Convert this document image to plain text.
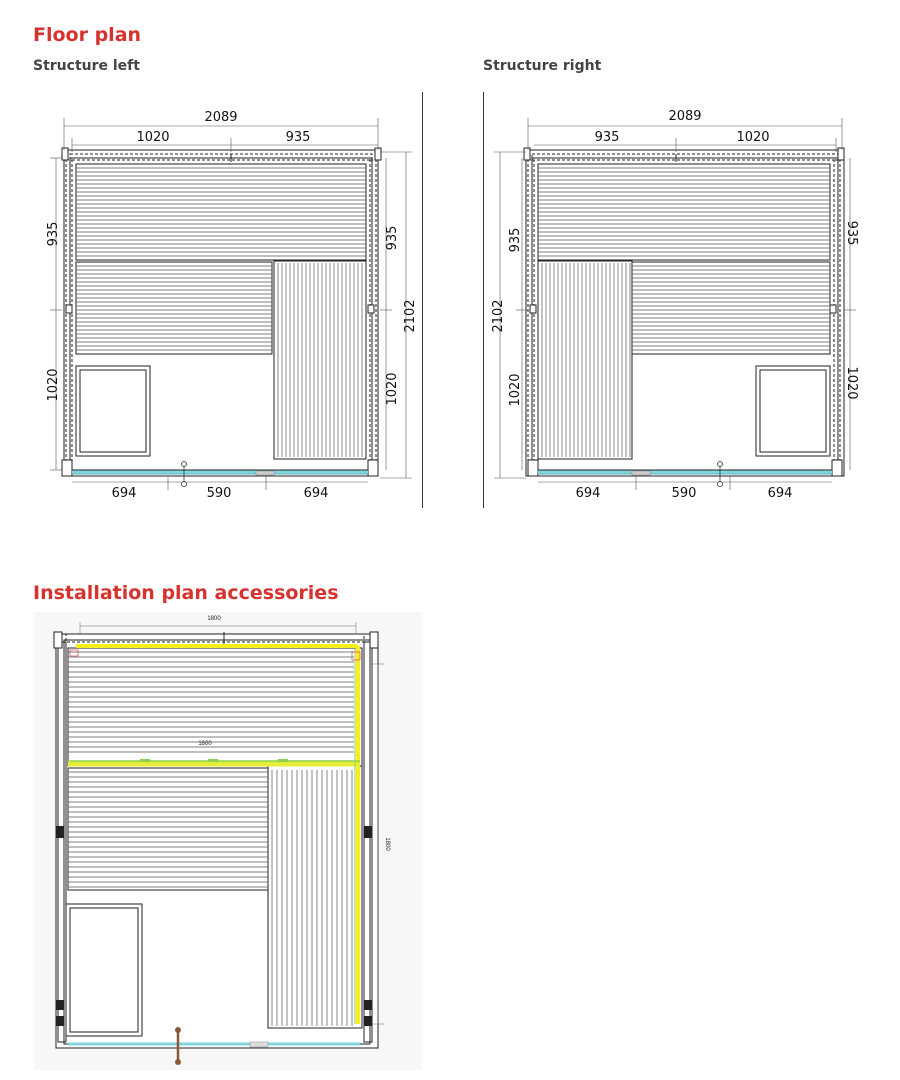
Floor plan
Structure left	Structure right
2089
1020	935
935
1020
935
1020
2102
694	590	694
2089
935	1020
935
1020
2102
935
1020
694	590	694
Installation plan accessories
1800
1800
1800
